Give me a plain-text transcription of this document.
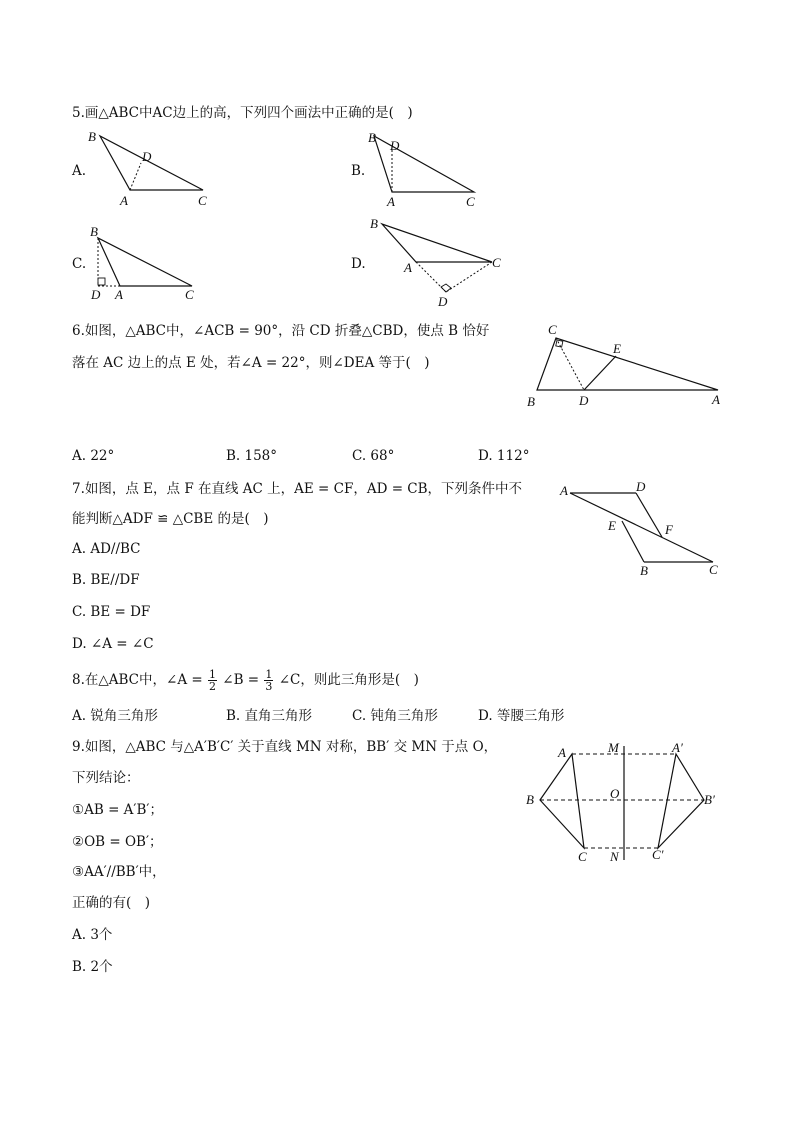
5.画△ABC中AC边上的高，下列四个画法中正确的是(　)
A.
B
D
A	C
B.
B
D
A	C
C.
B
D A	C
D.
B
A	C
D
6.如图，△ABC中，∠ACB = 90°，沿 CD 折叠△CBD，使点 B 恰好
落在 AC 边上的点 E 处，若∠A = 22°，则∠DEA 等于(　)
C
E
B	D	A
A. 22°	B. 158°	C. 68°	D. 112°
7.如图，点 E，点 F 在直线 AC 上，AE = CF，AD = CB，下列条件中不
能判断△ADF ≌ △CBE 的是(　)
A. AD//BC
B. BE//DF
C. BE = DF
D. ∠A = ∠C
A	D
E	F
B	C
8.在△ABC中，∠A = $\frac{1}{2}$ ∠B = $\frac{1}{3}$ ∠C，则此三角形是(　)
A. 锐角三角形	B. 直角三角形	C. 钝角三角形	D. 等腰三角形
9.如图，△ABC 与△A′B′C′ 关于直线 MN 对称，BB′ 交 MN 于点 O，
下列结论：
①AB = A′B′；
②OB = OB′；
③AA′//BB′中，
正确的有(　)
A. 3个
B. 2个
A	M	A′
B	O	B′
C N	C′
